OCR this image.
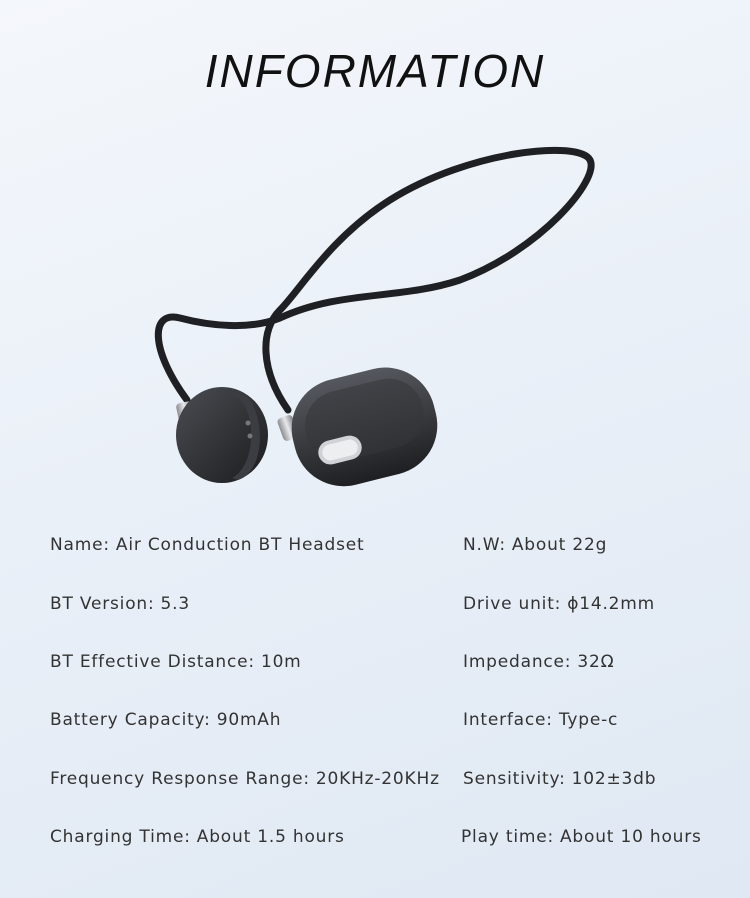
INFORMATION
Name: Air Conduction BT Headset
BT Version: 5.3
BT Effective Distance: 10m
Battery Capacity: 90mAh
Frequency Response Range: 20KHz-20KHz
Charging Time: About 1.5 hours
N.W: About 22g
Drive unit: ϕ14.2mm
Impedance: 32Ω
Interface: Type-c
Sensitivity: 102±3db
Play time: About 10 hours
